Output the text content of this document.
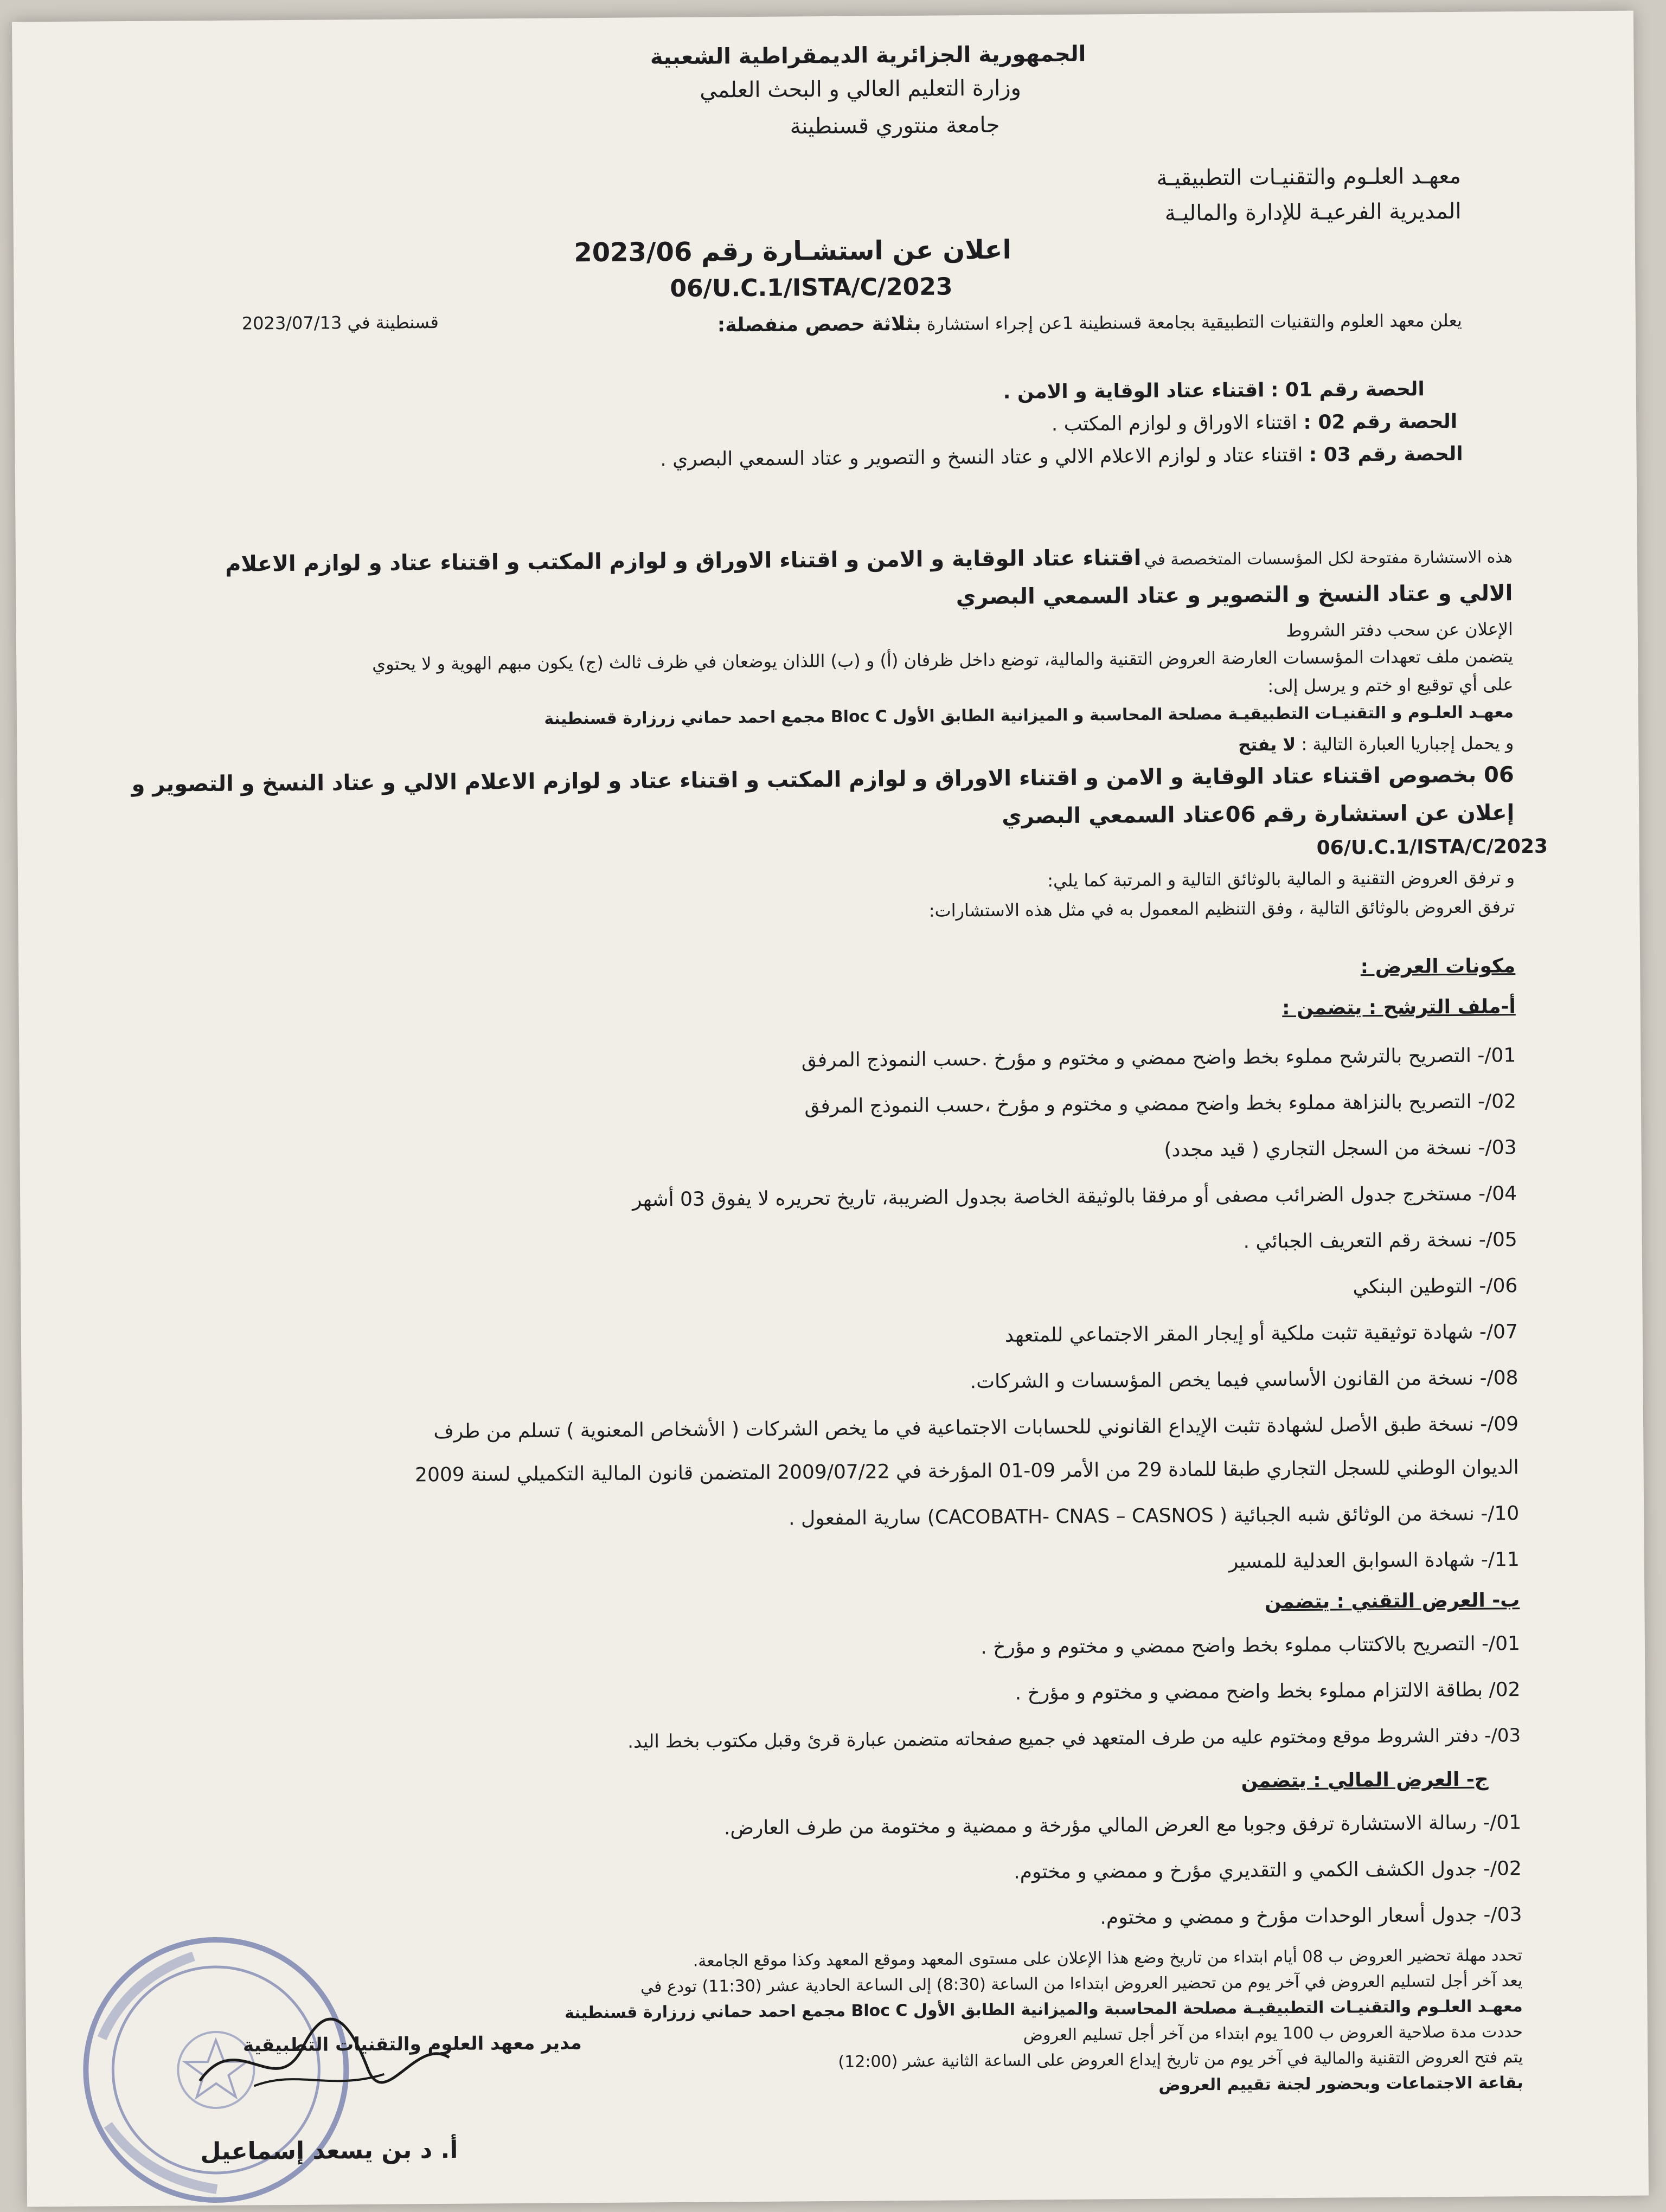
الجمهورية الجزائرية الديمقراطية الشعبية
وزارة التعليم العالي و البحث العلمي
جامعة منتوري قسنطينة
معهـد العلـوم والتقنيـات التطبيقيـة
المديرية الفرعيـة للإدارة والماليـة
اعلان عن استشـارة رقم 2023/06
06/U.C.1/ISTA/C/2023
يعلن معهد العلوم والتقنيات التطبيقية بجامعة قسنطينة 1عن إجراء استشارة بثلاثة حصص منفصلة:
قسنطينة في 2023/07/13
الحصة رقم 01 : اقتناء عتاد الوقاية و الامن .
الحصة رقم 02 : اقتناء الاوراق و لوازم المكتب .
الحصة رقم 03 : اقتناء عتاد و لوازم الاعلام الالي و عتاد النسخ و التصوير و عتاد السمعي البصري .
هذه الاستشارة مفتوحة لكل المؤسسات المتخصصة في اقتناء عتاد الوقاية و الامن و اقتناء الاوراق و لوازم المكتب و اقتناء عتاد و لوازم الاعلام
الالي و عتاد النسخ و التصوير و عتاد السمعي البصري
الإعلان عن سحب دفتر الشروط
يتضمن ملف تعهدات المؤسسات العارضة العروض التقنية والمالية، توضع داخل ظرفان (أ) و (ب) اللذان يوضعان في ظرف ثالث (ج) يكون مبهم الهوية و لا يحتوي
على أي توقيع او ختم و يرسل إلى:
معهـد العلـوم و التقنيـات التطبيقيـة مصلحة المحاسبة و الميزانية الطابق الأول Bloc C مجمع احمد حماني زرزارة قسنطينة
و يحمل إجباريا العبارة التالية : لا يفتح
06 بخصوص اقتناء عتاد الوقاية و الامن و اقتناء الاوراق و لوازم المكتب و اقتناء عتاد و لوازم الاعلام الالي و عتاد النسخ و التصوير و
إعلان عن استشارة رقم 06عتاد السمعي البصري
06/U.C.1/ISTA/C/2023
و ترفق العروض التقنية و المالية بالوثائق التالية و المرتبة كما يلي:
ترفق العروض بالوثائق التالية ، وفق التنظيم المعمول به في مثل هذه الاستشارات:
مكونات العرض :
أ-ملف الترشح : يتضمن :
01/- التصريح بالترشح مملوء بخط واضح ممضي و مختوم و مؤرخ .حسب النموذج المرفق
02/- التصريح بالنزاهة مملوء بخط واضح ممضي و مختوم و مؤرخ ،حسب النموذج المرفق
03/- نسخة من السجل التجاري ( قيد مجدد)
04/- مستخرج جدول الضرائب مصفى أو مرفقا بالوثيقة الخاصة بجدول الضريبة، تاريخ تحريره لا يفوق 03 أشهر
05/- نسخة رقم التعريف الجبائي .
06/- التوطين البنكي
07/- شهادة توثيقية تثبت ملكية أو إيجار المقر الاجتماعي للمتعهد
08/- نسخة من القانون الأساسي فيما يخص المؤسسات و الشركات.
09/- نسخة طبق الأصل لشهادة تثبت الإيداع القانوني للحسابات الاجتماعية في ما يخص الشركات ( الأشخاص المعنوية ) تسلم من طرف
الديوان الوطني للسجل التجاري طبقا للمادة 29 من الأمر 09-01 المؤرخة في 2009/07/22 المتضمن قانون المالية التكميلي لسنة 2009
10/- نسخة من الوثائق شبه الجبائية ( CACOBATH- CNAS – CASNOS) سارية المفعول .
11/- شهادة السوابق العدلية للمسير
ب- العرض التقني : يتضمن
01/- التصريح بالاكتتاب مملوء بخط واضح ممضي و مختوم و مؤرخ .
02/ بطاقة الالتزام مملوء بخط واضح ممضي و مختوم و مؤرخ .
03/- دفتر الشروط موقع ومختوم عليه من طرف المتعهد في جميع صفحاته متضمن عبارة قرئ وقبل مكتوب بخط اليد.
ج- العرض المالي : يتضمن
01/- رسالة الاستشارة ترفق وجوبا مع العرض المالي مؤرخة و ممضية و مختومة من طرف العارض.
02/- جدول الكشف الكمي و التقديري مؤرخ و ممضي و مختوم.
03/- جدول أسعار الوحدات مؤرخ و ممضي و مختوم.
تحدد مهلة تحضير العروض ب 08 أيام ابتداء من تاريخ وضع هذا الإعلان على مستوى المعهد وموقع المعهد وكذا موقع الجامعة.
يعد آخر أجل لتسليم العروض في آخر يوم من تحضير العروض ابتداءا من الساعة (8:30) إلى الساعة الحادية عشر (11:30) تودع في
معهـد العلـوم والتقنيـات التطبيقيـة مصلحة المحاسبة والميزانية الطابق الأول Bloc C مجمع احمد حماني زرزارة قسنطينة
حددت مدة صلاحية العروض ب 100 يوم ابتداء من آخر أجل تسليم العروض
يتم فتح العروض التقنية والمالية في آخر يوم من تاريخ إيداع العروض على الساعة الثانية عشر (12:00)
بقاعة الاجتماعات وبحضور لجنة تقييم العروض
مدير معهد العلوم والتقنيات التطبيقية
أ. د بن يسعد إسماعيل
